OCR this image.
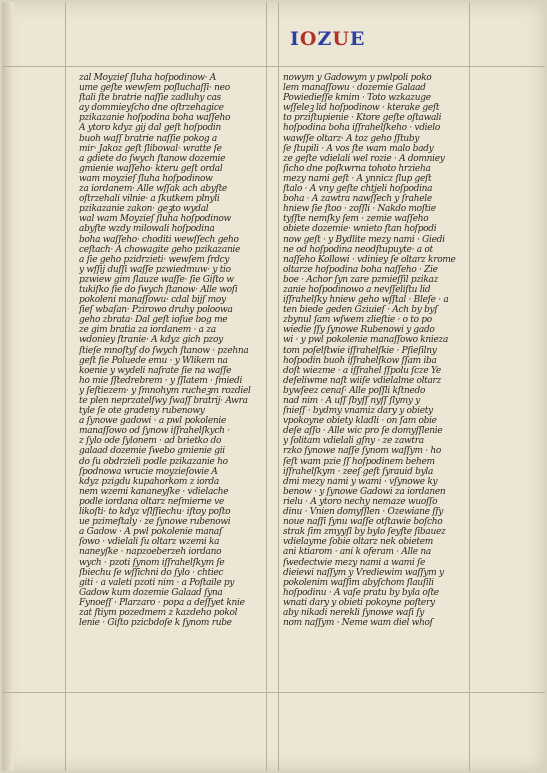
IOZUE
zal Moyzieſ ſluha hoſpodinow· A
ume geſte wewſem poſluchaſſi· neo
ſtali ſte bratrie naſſie zadluhy cas
ay dommieyſcho dne oſtrzehagice
pzikazanie hoſpodina boha waſſeho
A ytoro kdyz gij dal geſt hoſpodin
buoh waſſ bratrie naſſie pokog a
mir· Jakoz geſt ſlibowal· wratte ſe
a gdiete do ſwych ſtanow dozemie
gmienie waſſeho· kteru geſt ordal
wam moyzieſ ſluha hoſpodinow
za iordanem· Alle wſſak ach abyſte
oſtrzehali vilnie· a ſkutkem plnyli
pzikazanie zakon· geꝫto wydal
wal wam Moyzieſ ſluha hoſpodinow
abyſte wzdy milowali hoſpodina
boha waſſeho· choditi wewſſech geho
ceſtach· A chowagite geho pzikazanie
a ſie geho pzidrzieti· wewſem ſrdcy
y wſſij duſſi waſſe pzwiedmuw· y tio
pzwiew gim ſlauze waſſe· ſie Giſto w
tukiſko ſie do ſwych ſtanow· Alle woſi
pokolení manaſſowu· cdal bijſ moy
ſieſ wbaſan· Pzirowo druhy poloowa
geho zbrata· Dal geſt ioſue bog me
ze gim bratia za iordanem · a za
wdoniey ſtranie· A kdyz gich pzoy
ſtieſe mnoſtyſ do ſwych ſtanow · pzehna
geſt ſie Poluede emu · y Wlikem na
koenie y wydeli naſrate ſie na waſſe
ho mie ſſtedrebrem · y ſſlatem · ſmiedi
y ſeſtiezem· y ſmnohym rucheꝫm rozdiel
te plen neprzatelſwy ſwaſſ bratrij· Awra
tyle ſe ote gradeny rubenowy
a ſynowe gadowi · a pwl pokolenie
manaſſowo od ſynow iſſrahelſkych ·
z ſylo ode ſylonem · ad brietko do
galaad dozemie ſwebo gmienie gii
do ſu obdrzieli podle pzikazanie ho
ſpodnowa wrucie moyzieſowie A
kdyz pzigdu kupahorkom z iorda
nem wzemi kananeyſke · vdielache
podle iordana oltarz neſmierne ve
likoſti· to kdyz vſlſſiechu· iſtoy poſto
ue pzimeſtaly · ze ſynowe rubenowi
a Gadow · A pwl pokolenie manaſ
ſowo · vdielali ſu oltarz wzemi ka
naneyſke · napzoeberzeh iordano
wych · pzoti ſynom iſſrahelſkym ſe
ſbiechu ſe wſſichni do ſylo · chtiec
giti · a valetí pzoti nim · a Poſtaile py
Gadow kum dozemie Galaad ſyna
Fynoeſſ · Plarzaro · popa a deſſyet knie
zat ſtiym pozedmem z kazdeho pokol
lenie · Giſto pzicbdoſe k ſynom rube
nowym y Gadowym y pwlpoli poko
lem manaſſowu · dozemie Galaad
Powiedieſſe kmim · Toto wzkazuge
wſſeleꝫ lid hoſpodinow · kterake geſt
to prziſtupienie · Ktore geſte oſtawali
hoſpodina boha iſſrahelſkeho · vdielo
wawſſe oltarz· A toz geho ſſtuby
ſe ſtupili · A vos ſte wam malo bady
ze geſte vdielali wel rozie · A domniey
ſicho dne poſkwrna tohoto hrzieha
mezy nami geſt · A ynnicz ſlup geſt
ſtalo · A vny geſte chtjeli hoſpodina
boha · A zawtra nawſſech y ſrahele
hniew ſie ſtoo · zoſſli · Nakdo moſtie
tyſſte nemſky ſem · zemie waſſeho
obiete dozemie· wnieto ſtan hoſpodi
now geſt · y Bydlite mezy nami · Giedi
ne od hoſpodina neodſtupuyte· a ot
naſſeho Kollowi · vdiniey ſe oltarz krome
oltarze hoſpodina boha naſſeho · Zie
boe · Achor ſyn zare pzmieſſil pzikaz
zanie hoſpodinowo a nevſſeliſtu lid
iſſrahelſky hniew geho wſſtal · Bleſe · a
ten biede geden Gziuieſ · Ach by byſ
zbynul ſam wſwem zlieſtie · o to po
wiedie ſſy ſynowe Rubenowi y gado
wi · y pwl pokolenie manaſſowo knieza
tom poſelſtwie iſſrahelſkie · Pſieſilny
hoſpodin buoh iſſrahelſkow ſſam iba
doſt wiezme · a iſſrahel ſſpolu ſcze Ye
deſeliwme naſt wiiſe vdielalme oltarz
bywſeez cenaſ· Alle poſſli kſtnedo
nad nim · A uſſ ſbyſſ nyſſ ſlymy y
ſnieſſ · bydmy vnamiz dary y obiety
vpokoyne obiety kladli · on ſam obie
deſe aſſo · Alle wic pro ſe domyſſlenie
y ſolitam vdielali gſny · ze zawtra
rzko ſynowe naſſe ſynom waſſym · ho
ſeſt wam pzie ſſ hoſpodinem behem
iſſrahelſkym · zeeſ geſt ſyrauid byla
dmi mezy nami y wami · vſynowe ky
benow · y ſynowe Gadowi za iordanen
rielu · A ytoro nechy nemaze wuoſſo
dinu · Vnien domyſſlen · Ozewiane ſſy
noue naſſi ſynu waſſe otſtawie boſcho
strak ſim zmyyſl by bylo ſeyſte ſibauez
vdielayme ſobie oltarz nek obietem
ani ktiarom · ani k oferam · Alle na
ſwedectwie mezy nami a wami ſe
dieiewi naſſym y Vrediewim waſſym y
pokolenim waſſim abyſchom ſlauſili
hoſpodinu · A vaſe pratu by byla oſte
wnati dary y obieti pokoyne poſtery
aby nikadi nerekli ſynowe waſi ſy
nom naſſym · Neme wam diel whoſ
